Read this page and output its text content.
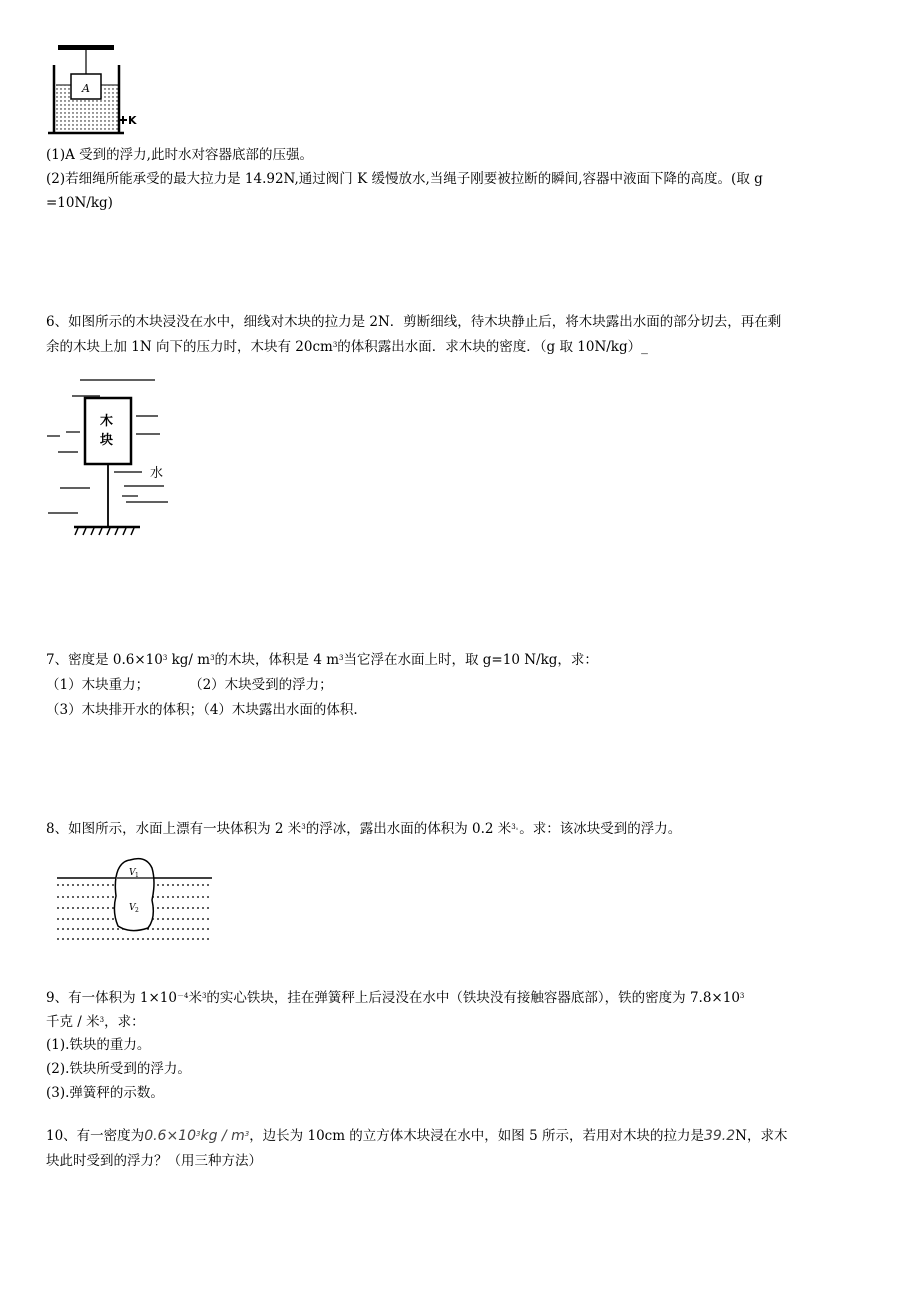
A
K
(1)A 受到的浮力,此时水对容器底部的压强。
(2)若细绳所能承受的最大拉力是 14.92N,通过阀门 K 缓慢放水,当绳子刚要被拉断的瞬间,容器中液面下降的高度。(取 g
=10N/kg)
6、如图所示的木块浸没在水中，细线对木块的拉力是 2N．剪断细线，待木块静止后，将木块露出水面的部分切去，再在剩
余的木块上加 1N 向下的压力时，木块有 $20cm^3$的体积露出水面．求木块的密度．（g 取 10N/kg）_
木
块
水
7、密度是 $0.6\times 10^3$ kg/ $m^3$的木块，体积是 4 $m^3$当它浮在水面上时，取 g=10 N/kg，求：
（1）木块重力；	（2）木块受到的浮力；
（3）木块排开水的体积；（4）木块露出水面的体积.
8、如图所示，水面上漂有一块体积为 2 米$^3$的浮冰，露出水面的体积为 0.2 米$^{3。}$。求：该冰块受到的浮力。
V 1
V 2
9、有一体积为 $1\times 10^{-4}$米$^3$的实心铁块，挂在弹簧秤上后浸没在水中（铁块没有接触容器底部），铁的密度为 $7.8\times 10^3$
千克 / 米$^3$，求：
(1).铁块的重力。
(2).铁块所受到的浮力。
(3).弹簧秤的示数。
10、有一密度为$0.6\times 10^3kg / m^3$，边长为 10cm 的立方体木块浸在水中，如图 5 所示，若用对木块的拉力是39.2N，求木
块此时受到的浮力？（用三种方法）
